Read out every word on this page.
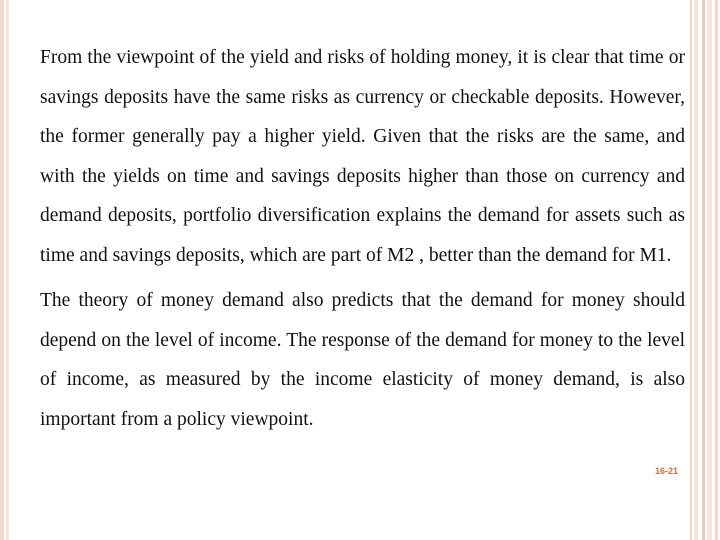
From the viewpoint of the yield and risks of holding money, it is clear that time or savings deposits have the same risks as currency or checkable deposits. However, the former generally pay a higher yield. Given that the risks are the same, and with the yields on time and savings deposits higher than those on currency and demand deposits, portfolio diversification explains the demand for assets such as time and savings deposits, which are part of M2 , better than the demand for M1.

The theory of money demand also predicts that the demand for money should depend on the level of income. The response of the demand for money to the level of income, as measured by the income elasticity of money demand, is also important from a policy viewpoint.

16-21
